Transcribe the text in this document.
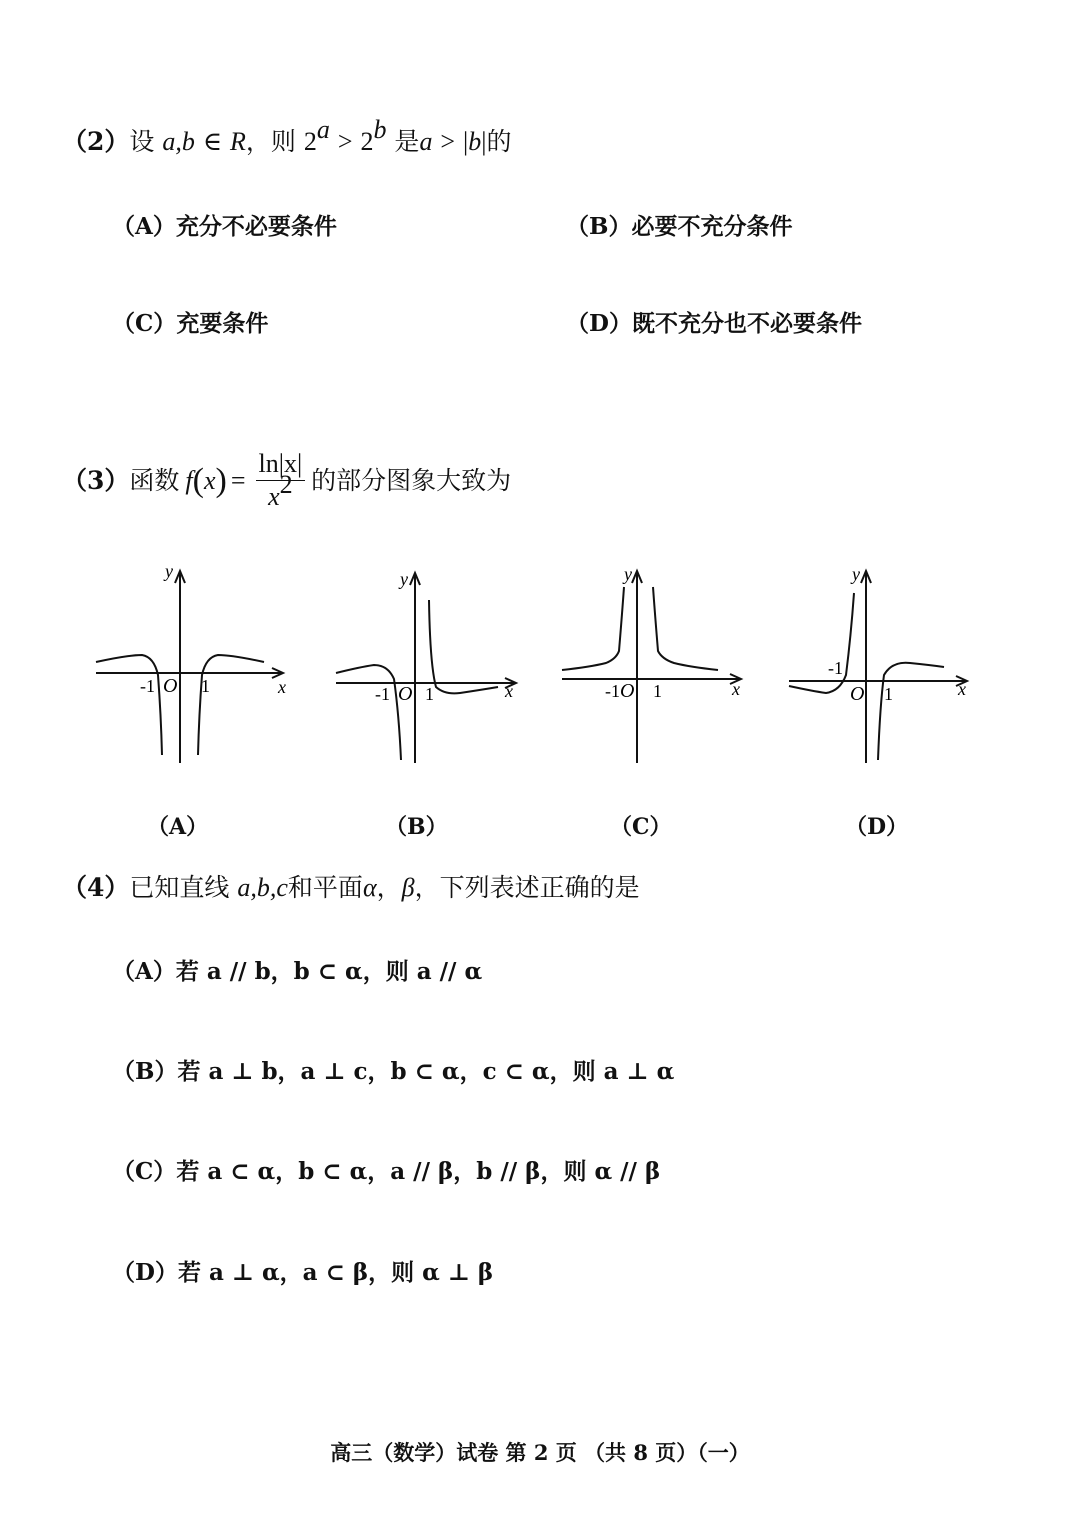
（2）设 a,b ∈ R，则 $2^a > 2^b$ 是a > |b|的
（A）充分不必要条件	（B）必要不充分条件
（C）充要条件	（D）既不充分也不必要条件
（3） 函数 f ( x ) = $\frac{\ln|x|}{x^2}$ 的部分图象大致为
y
x
O
-1	1
y
x
O
-1 1
y
x
O
-1 1
y
x
O
-1
1
（A）	（B）	（C）	（D）
（4）已知直线 a,b,c和平面α，β，下列表述正确的是
（A）若 a // b，b ⊂ α，则 a // α
（B）若 a ⊥ b，a ⊥ c，b ⊂ α，c ⊂ α，则 a ⊥ α
（C）若 a ⊂ α，b ⊂ α，a // β，b // β，则 α // β
（D）若 a ⊥ α，a ⊂ β，则 α ⊥ β
高三（数学）试卷 第 2 页 （共 8 页）（一）
